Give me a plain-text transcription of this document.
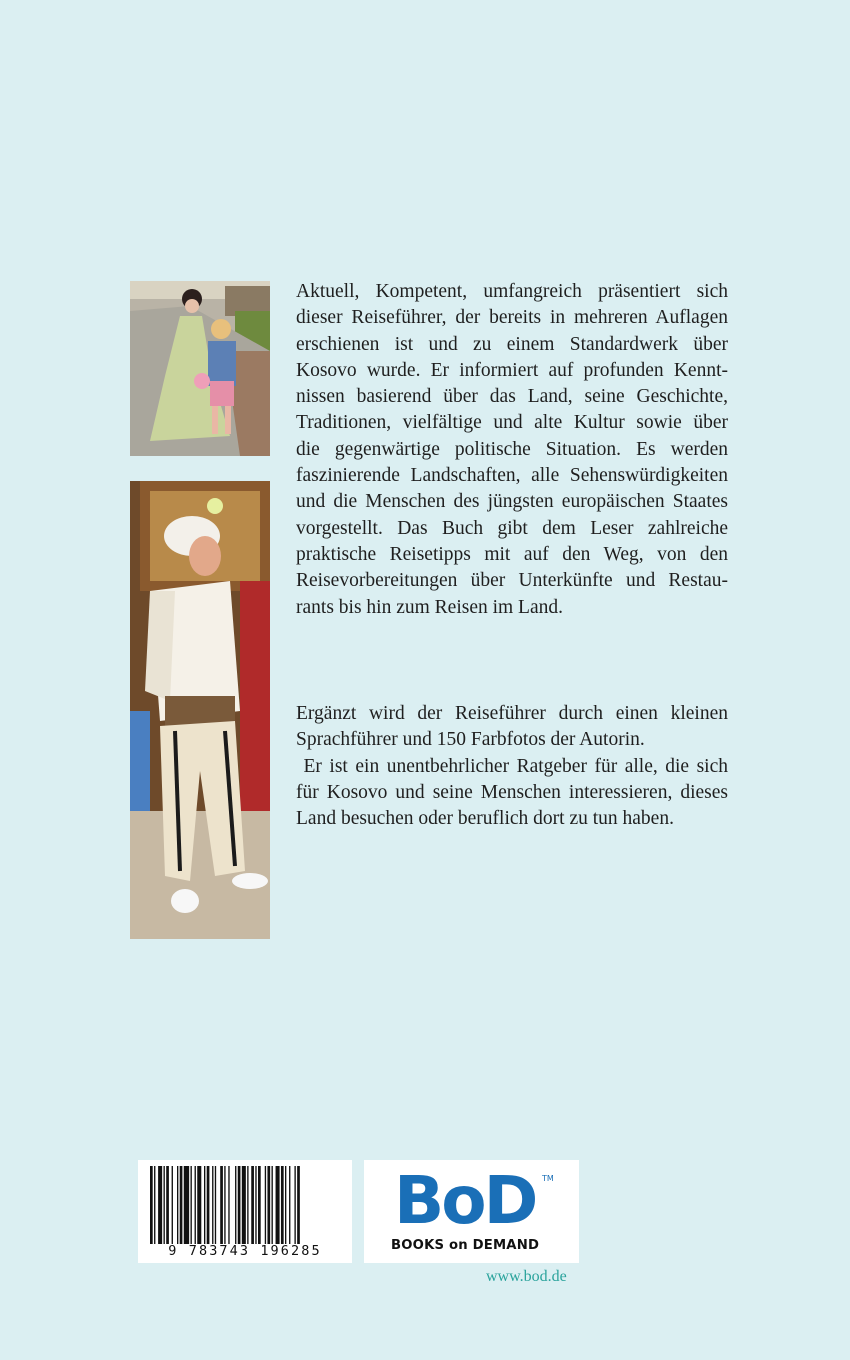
Aktuell, Kompetent, umfangreich präsentiert sich
dieser Reiseführer, der bereits in mehreren Auflagen
erschienen ist und zu einem Standardwerk über
Kosovo wurde. Er informiert auf profunden Kennt-
nissen basierend über das Land, seine Geschichte,
Traditionen, vielfältige und alte Kultur sowie über
die gegenwärtige politische Situation. Es werden
faszinierende Landschaften, alle Sehenswürdigkeiten
und die Menschen des jüngsten europäischen Staates
vorgestellt. Das Buch gibt dem Leser zahlreiche
praktische Reisetipps mit auf den Weg, von den
Reisevorbereitungen über Unterkünfte und Restau-
rants bis hin zum Reisen im Land.
Ergänzt wird der Reiseführer durch einen kleinen
Sprachführer und 150 Farbfotos der Autorin.
Er ist ein unentbehrlicher Ratgeber für alle, die sich
für Kosovo und seine Menschen interessieren, dieses
Land besuchen oder beruflich dort zu tun haben.
9 783743 196285
BoD TM
BOOKS on DEMAND
www.bod.de
